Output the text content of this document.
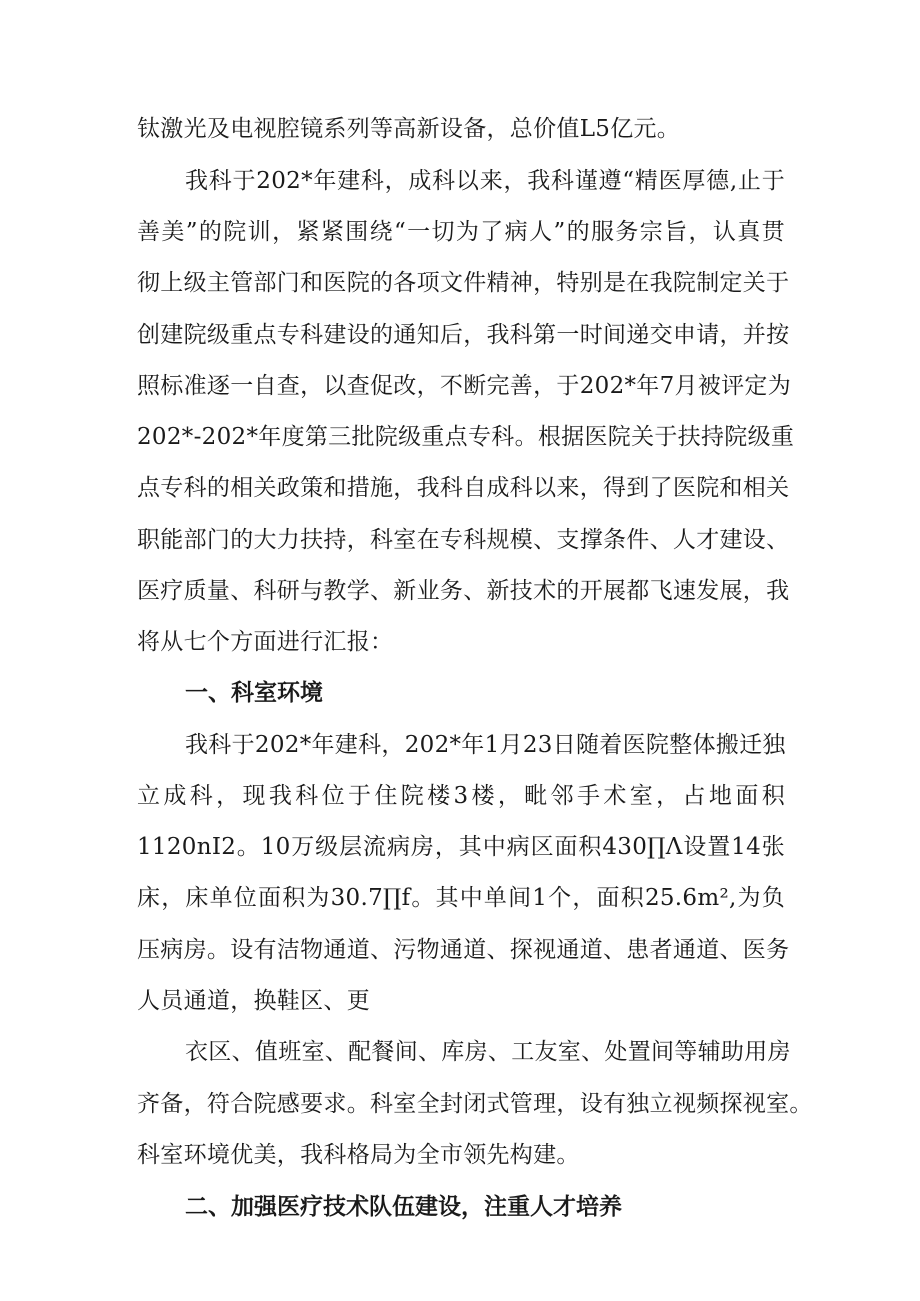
钛激光及电视腔镜系列等高新设备，总价值L5亿元。
我科于202*年建科，成科以来，我科谨遵“精医厚德,止于
善美”的院训，紧紧围绕“一切为了病人”的服务宗旨，认真贯
彻上级主管部门和医院的各项文件精神，特别是在我院制定关于
创建院级重点专科建设的通知后，我科第一时间递交申请，并按
照标准逐一自查，以查促改，不断完善，于202*年7月被评定为
202*-202*年度第三批院级重点专科。根据医院关于扶持院级重
点专科的相关政策和措施，我科自成科以来，得到了医院和相关
职能部门的大力扶持，科室在专科规模、支撑条件、人才建设、
医疗质量、科研与教学、新业务、新技术的开展都飞速发展，我
将从七个方面进行汇报：
一、科室环境
我科于202*年建科，202*年1月23日随着医院整体搬迁独
立成科，现我科位于住院楼3楼，毗邻手术室，占地面积
1120nI2。10万级层流病房，其中病区面积430∏Λ设置14张
床，床单位面积为30.7∏f。其中单间1个，面积25.6m²,为负
压病房。设有洁物通道、污物通道、探视通道、患者通道、医务
人员通道，换鞋区、更
衣区、值班室、配餐间、库房、工友室、处置间等辅助用房
齐备，符合院感要求。科室全封闭式管理，设有独立视频探视室。
科室环境优美，我科格局为全市领先构建。
二、加强医疗技术队伍建设，注重人才培养
